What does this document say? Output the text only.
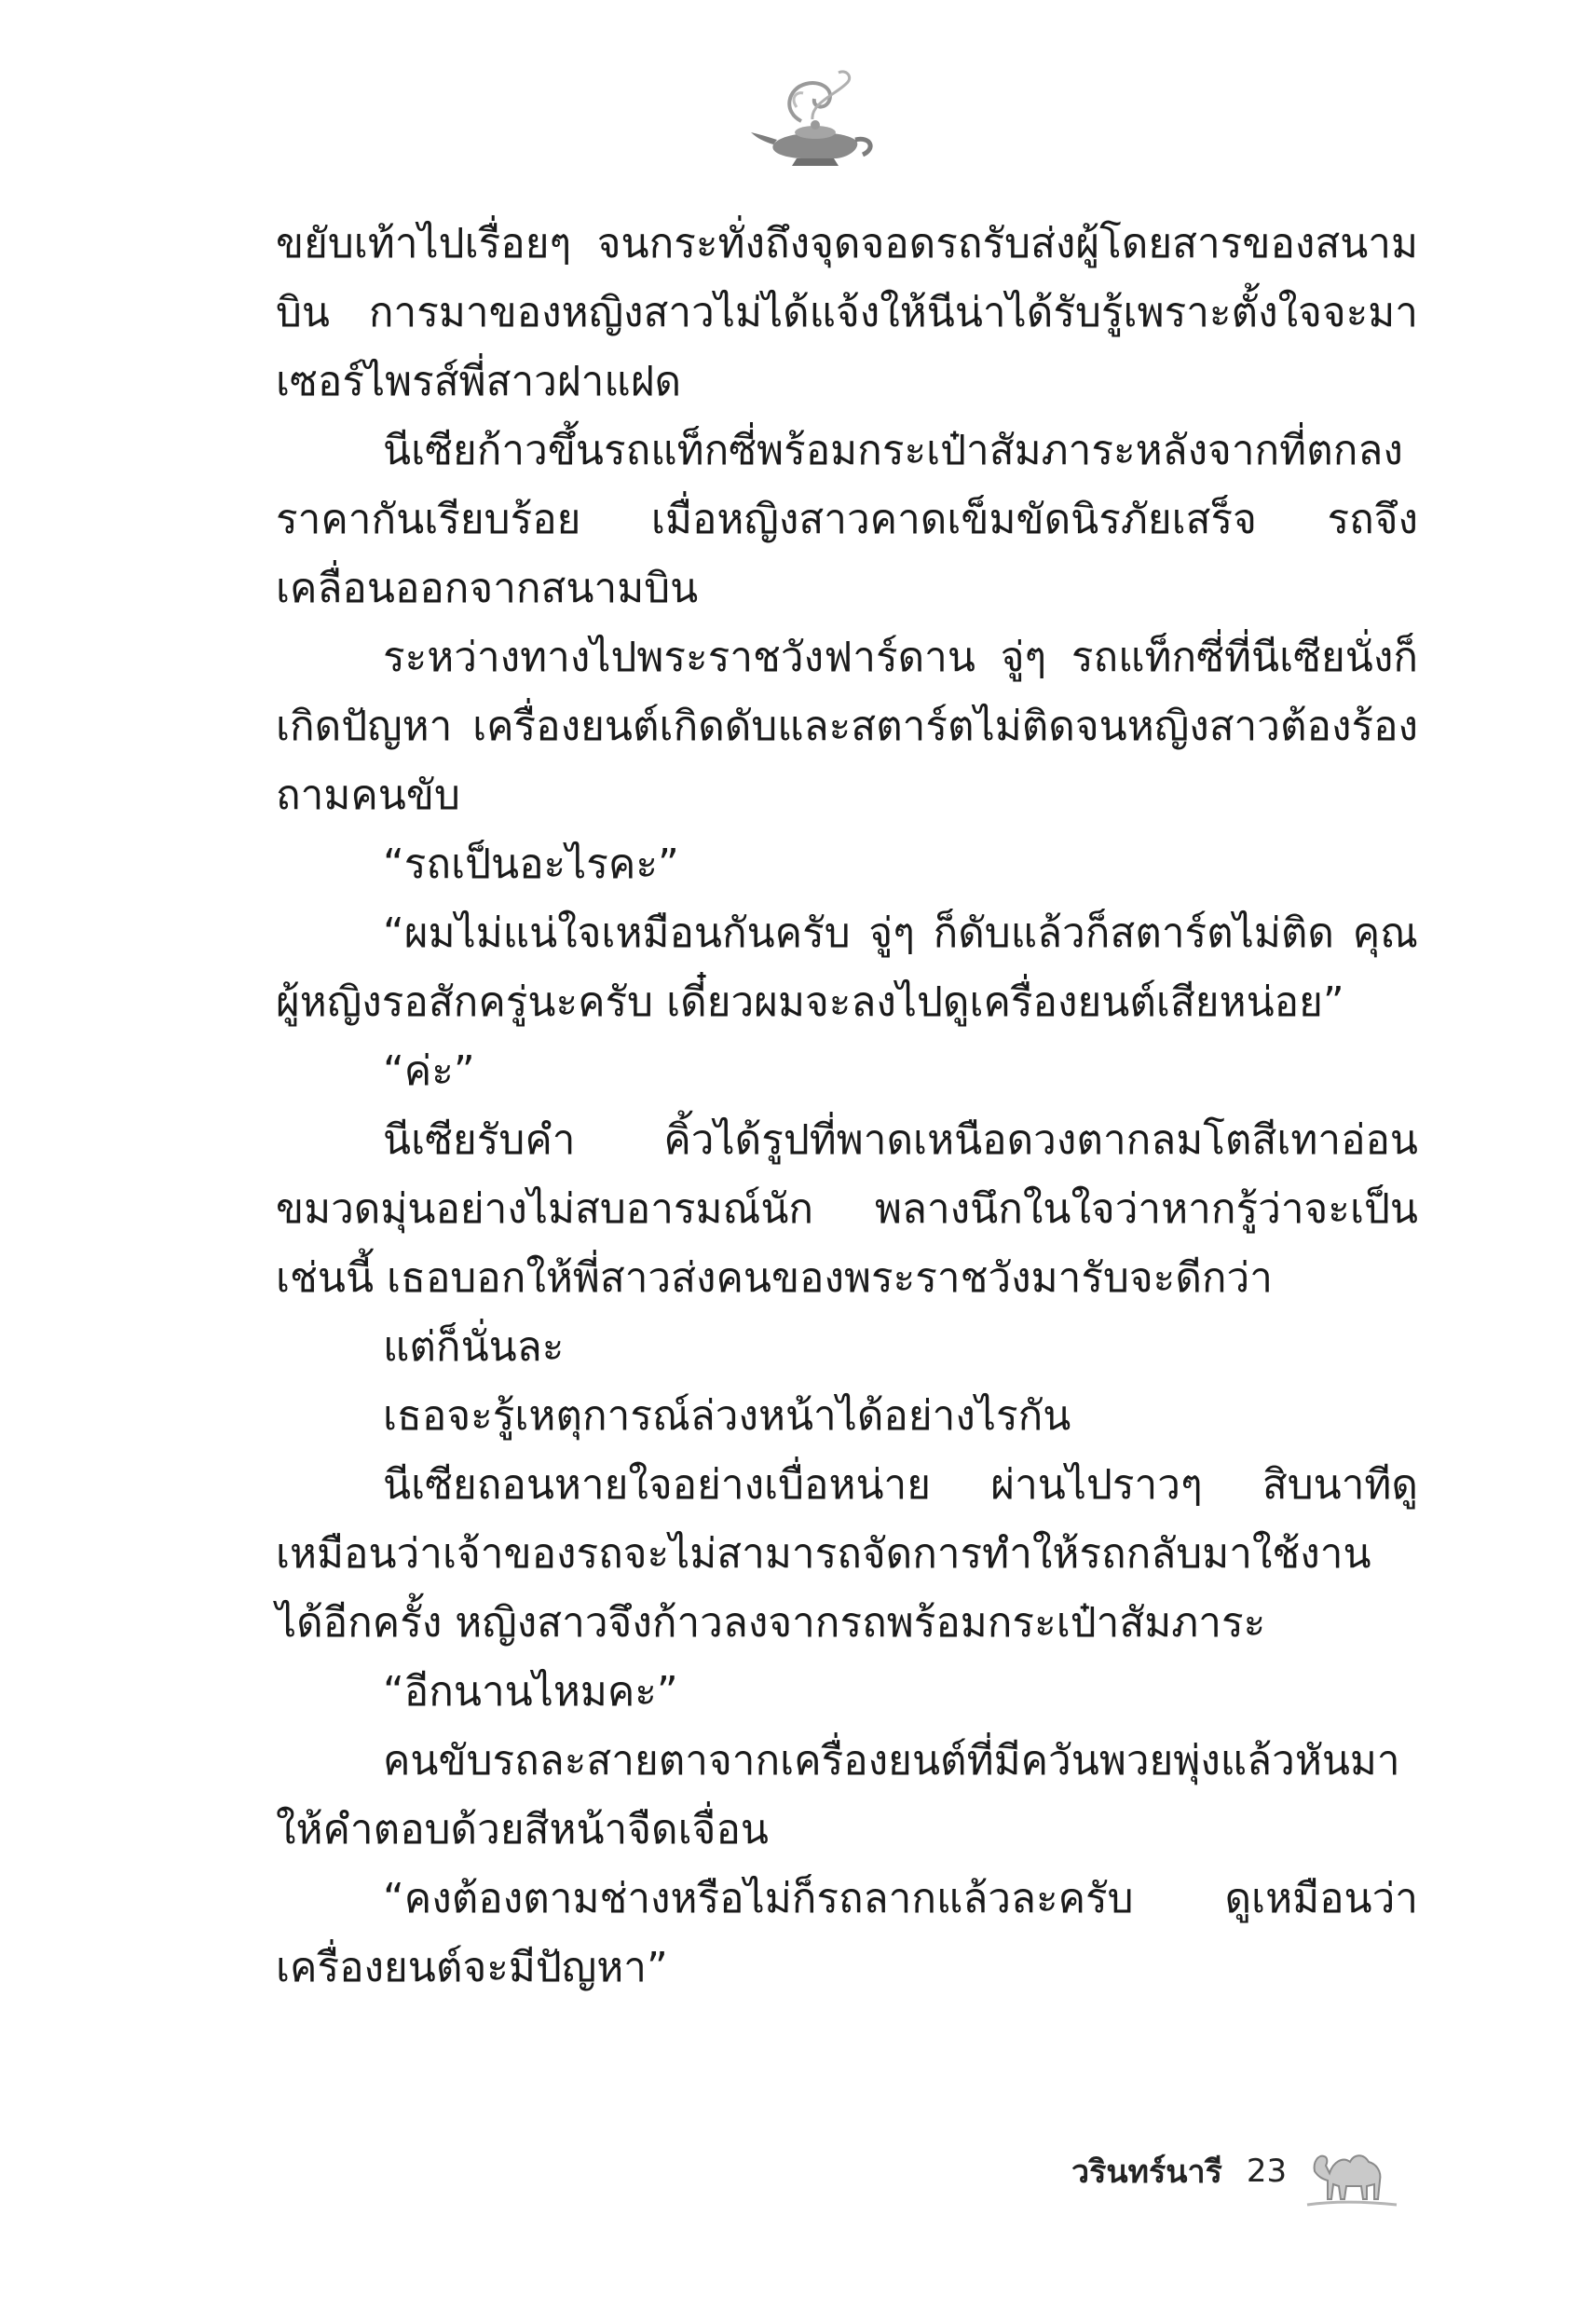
ขยับเท้าไปเรื่อยๆ จนกระทั่งถึงจุดจอดรถรับส่งผู้โดยสารของสนามบิน การมาของหญิงสาวไม่ได้แจ้งให้นีน่าได้รับรู้เพราะตั้งใจจะมาเซอร์ไพรส์พี่สาวฝาแฝด

นีเซียก้าวขึ้นรถแท็กซี่พร้อมกระเป๋าสัมภาระหลังจากที่ตกลงราคากันเรียบร้อย เมื่อหญิงสาวคาดเข็มขัดนิรภัยเสร็จ รถจึงเคลื่อนออกจากสนามบิน

ระหว่างทางไปพระราชวังฟาร์ดาน จู่ๆ รถแท็กซี่ที่นีเซียนั่งก็เกิดปัญหา เครื่องยนต์เกิดดับและสตาร์ตไม่ติดจนหญิงสาวต้องร้องถามคนขับ

“รถเป็นอะไรคะ”

“ผมไม่แน่ใจเหมือนกันครับ จู่ๆ ก็ดับแล้วก็สตาร์ตไม่ติด คุณผู้หญิงรอสักครู่นะครับ เดี๋ยวผมจะลงไปดูเครื่องยนต์เสียหน่อย”

“ค่ะ”

นีเซียรับคำ คิ้วได้รูปที่พาดเหนือดวงตากลมโตสีเทาอ่อนขมวดมุ่นอย่างไม่สบอารมณ์นัก พลางนึกในใจว่าหากรู้ว่าจะเป็นเช่นนี้ เธอบอกให้พี่สาวส่งคนของพระราชวังมารับจะดีกว่า

แต่ก็นั่นละ

เธอจะรู้เหตุการณ์ล่วงหน้าได้อย่างไรกัน

นีเซียถอนหายใจอย่างเบื่อหน่าย ผ่านไปราวๆ สิบนาทีดูเหมือนว่าเจ้าของรถจะไม่สามารถจัดการทำให้รถกลับมาใช้งานได้อีกครั้ง หญิงสาวจึงก้าวลงจากรถพร้อมกระเป๋าสัมภาระ

“อีกนานไหมคะ”

คนขับรถละสายตาจากเครื่องยนต์ที่มีควันพวยพุ่งแล้วหันมาให้คำตอบด้วยสีหน้าจืดเจื่อน

“คงต้องตามช่างหรือไม่ก็รถลากแล้วละครับ ดูเหมือนว่าเครื่องยนต์จะมีปัญหา”

วรินทร์นารี 23
